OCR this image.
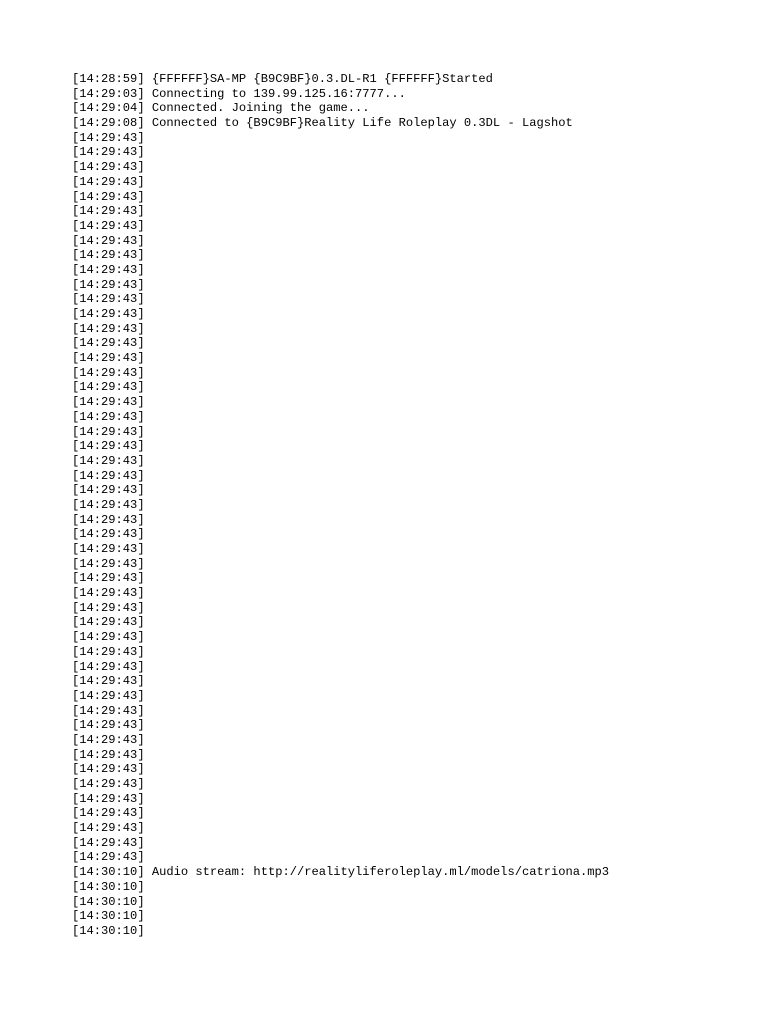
[14:28:59] {FFFFFF}SA-MP {B9C9BF}0.3.DL-R1 {FFFFFF}Started
[14:29:03] Connecting to 139.99.125.16:7777...
[14:29:04] Connected. Joining the game...
[14:29:08] Connected to {B9C9BF}Reality Life Roleplay 0.3DL - Lagshot
[14:29:43]
[14:29:43]
[14:29:43]
[14:29:43]
[14:29:43]
[14:29:43]
[14:29:43]
[14:29:43]
[14:29:43]
[14:29:43]
[14:29:43]
[14:29:43]
[14:29:43]
[14:29:43]
[14:29:43]
[14:29:43]
[14:29:43]
[14:29:43]
[14:29:43]
[14:29:43]
[14:29:43]
[14:29:43]
[14:29:43]
[14:29:43]
[14:29:43]
[14:29:43]
[14:29:43]
[14:29:43]
[14:29:43]
[14:29:43]
[14:29:43]
[14:29:43]
[14:29:43]
[14:29:43]
[14:29:43]
[14:29:43]
[14:29:43]
[14:29:43]
[14:29:43]
[14:29:43]
[14:29:43]
[14:29:43]
[14:29:43]
[14:29:43]
[14:29:43]
[14:29:43]
[14:29:43]
[14:29:43]
[14:29:43]
[14:29:43]
[14:30:10] Audio stream: http://realityliferoleplay.ml/models/catriona.mp3
[14:30:10]
[14:30:10]
[14:30:10]
[14:30:10]
